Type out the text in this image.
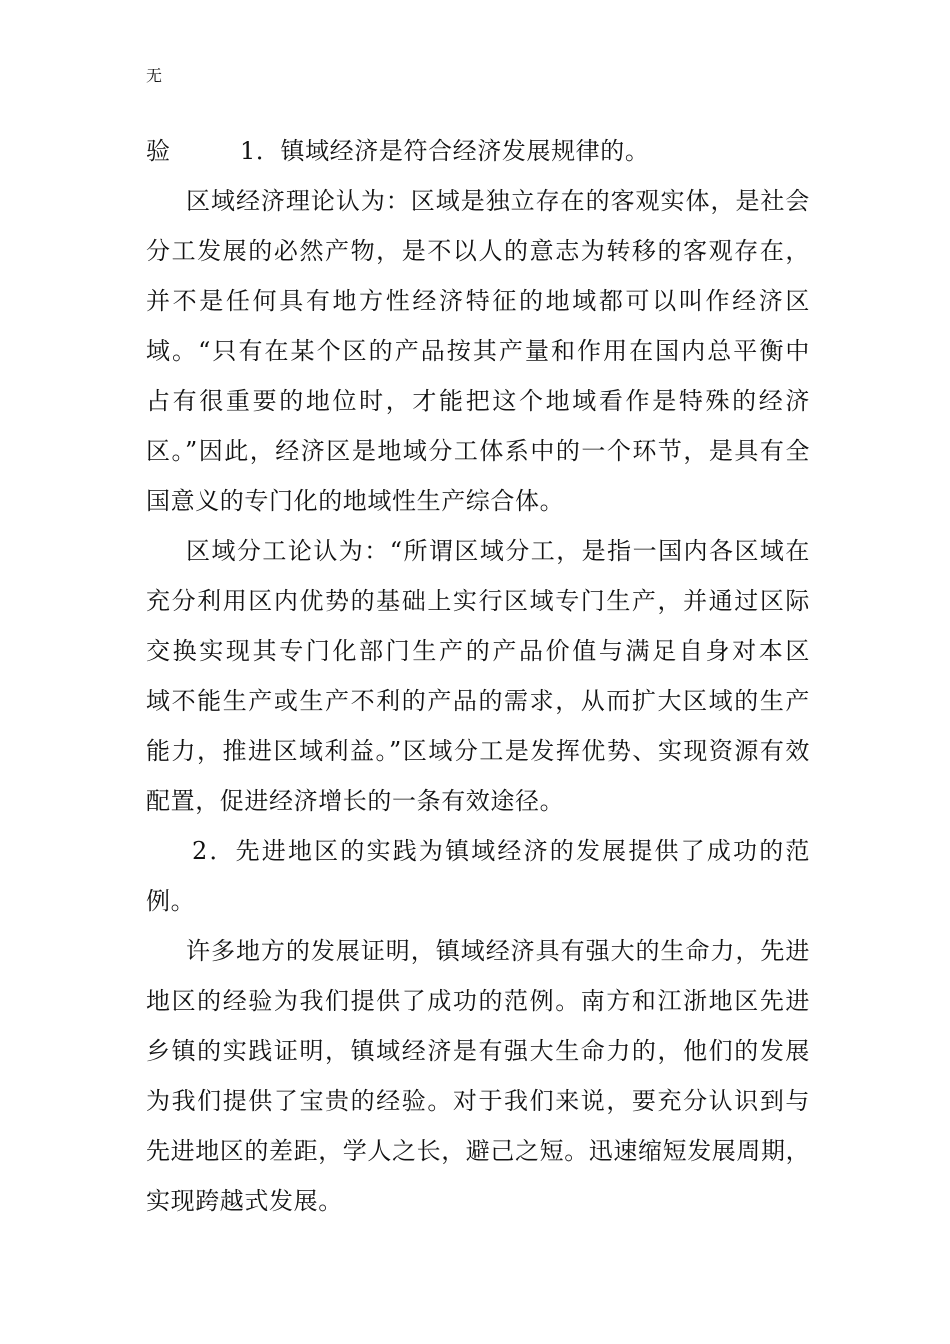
无
验	1．镇域经济是符合经济发展规律的。
区域经济理论认为：区域是独立存在的客观实体，是社会
分工发展的必然产物，是不以人的意志为转移的客观存在，
并不是任何具有地方性经济特征的地域都可以叫作经济区
域。“只有在某个区的产品按其产量和作用在国内总平衡中
占有很重要的地位时，才能把这个地域看作是特殊的经济
区。”因此，经济区是地域分工体系中的一个环节，是具有全
国意义的专门化的地域性生产综合体。
区域分工论认为：“所谓区域分工，是指一国内各区域在
充分利用区内优势的基础上实行区域专门生产，并通过区际
交换实现其专门化部门生产的产品价值与满足自身对本区
域不能生产或生产不利的产品的需求，从而扩大区域的生产
能力，推进区域利益。”区域分工是发挥优势、实现资源有效
配置，促进经济增长的一条有效途径。
2．先进地区的实践为镇域经济的发展提供了成功的范
例。
许多地方的发展证明，镇域经济具有强大的生命力，先进
地区的经验为我们提供了成功的范例。南方和江浙地区先进
乡镇的实践证明，镇域经济是有强大生命力的，他们的发展
为我们提供了宝贵的经验。对于我们来说，要充分认识到与
先进地区的差距，学人之长，避己之短。迅速缩短发展周期，
实现跨越式发展。
